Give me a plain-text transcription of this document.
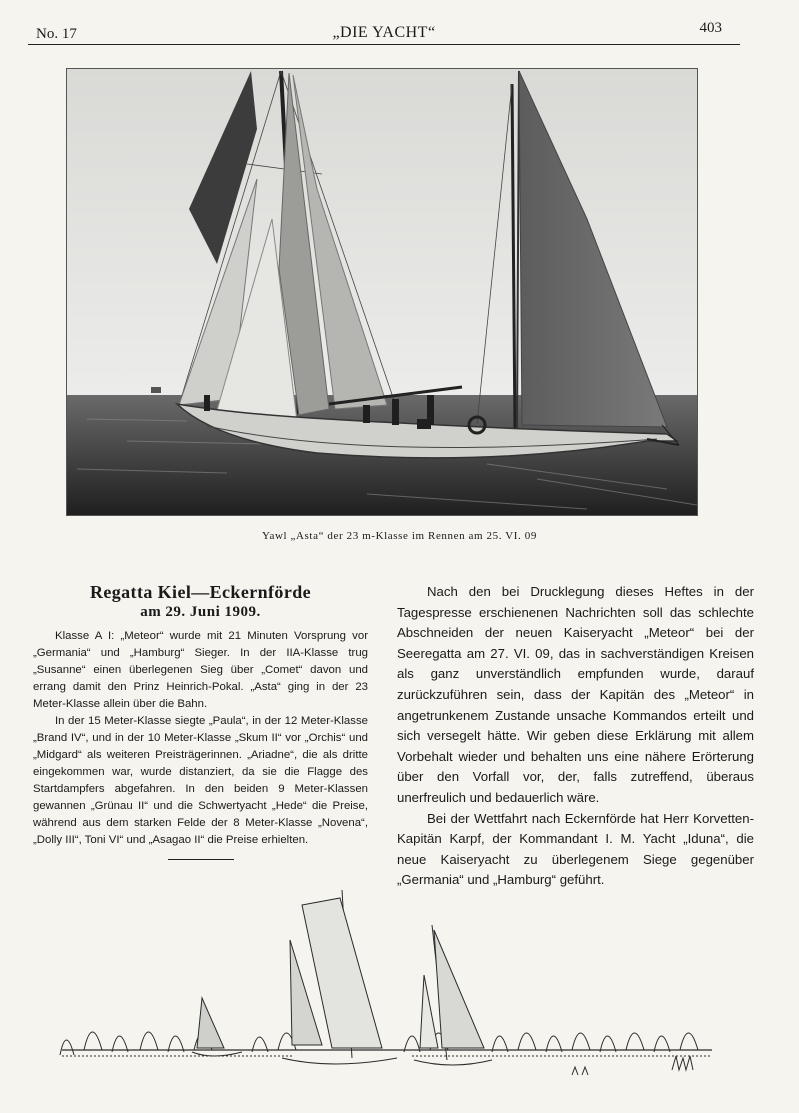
No. 17	„DIE YACHT“	403
Yawl „Asta“ der 23 m-Klasse im Rennen am 25. VI. 09
Regatta Kiel—Eckernförde
am 29. Juni 1909.

Klasse A I: „Meteor“ wurde mit 21 Minuten Vorsprung vor „Germania“ und „Hamburg“ Sieger. In der IIA-Klasse trug „Susanne“ einen überlegenen Sieg über „Comet“ davon und errang damit den Prinz Heinrich-Pokal. „Asta“ ging in der 23 Meter-Klasse allein über die Bahn.

In der 15 Meter-Klasse siegte „Paula“, in der 12 Meter-Klasse „Brand IV“, und in der 10 Meter-Klasse „Skum II“ vor „Orchis“ und „Midgard“ als weiteren Preisträgerinnen. „Ariadne“, die als dritte eingekommen war, wurde distanziert, da sie die Flagge des Startdampfers abgefahren. In den beiden 9 Meter-Klassen gewannen „Grünau II“ und die Schwertyacht „Hede“ die Preise, während aus dem starken Felde der 8 Meter-Klasse „Novena“, „Dolly III“, Toni VI“ und „Asagao II“ die Preise erhielten.

Nach den bei Drucklegung dieses Heftes in der Tagespresse erschienenen Nachrichten soll das schlechte Abschneiden der neuen Kaiseryacht „Meteor“ bei der Seeregatta am 27. VI. 09, das in sachverständigen Kreisen als ganz unverständlich empfunden wurde, darauf zurückzuführen sein, dass der Kapitän des „Meteor“ in angetrunkenem Zustande unsache Kommandos erteilt und sich versegelt hätte. Wir geben diese Erklärung mit allem Vorbehalt wieder und behalten uns eine nähere Erörterung über den Vorfall vor, der, falls zutreffend, überaus unerfreulich und bedauerlich wäre.

Bei der Wettfahrt nach Eckernförde hat Herr Korvetten-Kapitän Karpf, der Kommandant I. M. Yacht „Iduna“, die neue Kaiseryacht zu überlegenem Siege gegenüber „Germania“ und „Hamburg“ geführt.
